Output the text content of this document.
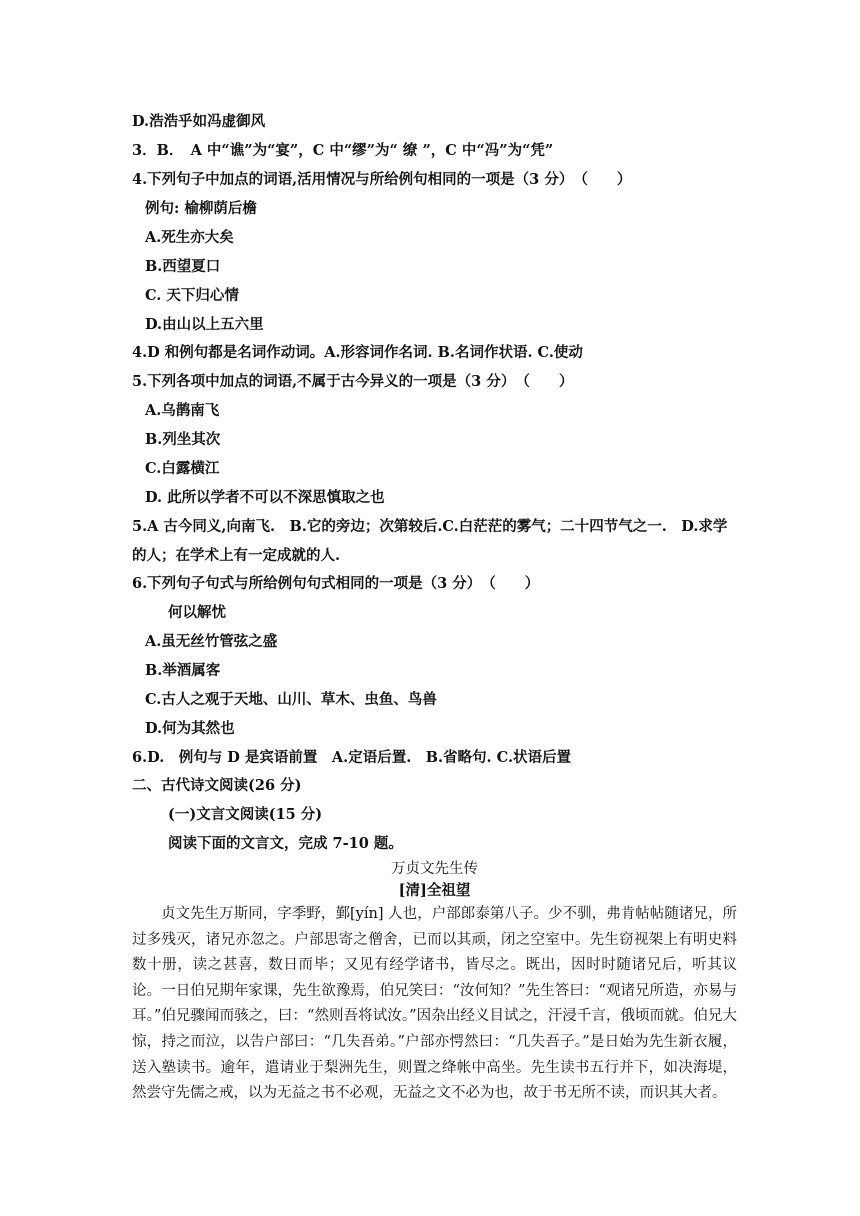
D.浩浩乎如冯虚御风
3．B．　A 中“谯”为“宴”，C 中“缪”为“ 缭 ”，C 中“冯”为“凭”
4.下列句子中加点的词语,活用情况与所给例句相同的一项是（3 分）　（　　）
例句: 榆柳荫后檐
A.死生亦大矣
B.西望夏口
C. 天下归心情
D.由山以上五六里
4.D 和例句都是名词作动词。A.形容词作名词. B.名词作状语. C.使动
5.下列各项中加点的词语,不属于古今异义的一项是（3 分）　（　　）
A.乌鹊南飞
B.列坐其次
C.白露横江
D. 此所以学者不可以不深思慎取之也
5.A 古今同义,向南飞.　B.它的旁边；次第较后.C.白茫茫的雾气；二十四节气之一.　D.求学
的人；在学术上有一定成就的人.
6.下列句子句式与所给例句句式相同的一项是（3 分）　（　　）
何以解忧
A.虽无丝竹管弦之盛
B.举酒属客
C.古人之观于天地、山川、草木、虫鱼、鸟兽
D.何为其然也
6.D.　例句与 D 是宾语前置　A.定语后置.　B.省略句. C.状语后置
二、古代诗文阅读(26 分)
(一)文言文阅读(15 分)
阅读下面的文言文，完成 7-10 题。
万贞文先生传
[清]全祖望
贞文先生万斯同，字季野，鄞[yín] 人也，户部郎泰第八子。少不驯，弗肯帖帖随诸兄，所过多残灭，诸兄亦忽之。户部思寄之僧舍，已而以其顽，闭之空室中。先生窃视架上有明史料数十册，读之甚喜，数日而毕；又见有经学诸书，皆尽之。既出，因时时随诸兄后，听其议论。一日伯兄期年家课，先生欲豫焉，伯兄笑曰：“汝何知？”先生答曰：“观诸兄所造，亦易与耳。”伯兄骤闻而骇之，曰：“然则吾将试汝。”因杂出经义目试之，汗浸千言，俄顷而就。伯兄大惊，持之而泣，以告户部曰：“几失吾弟。”户部亦愕然曰：“几失吾子。”是日始为先生新衣履，送入塾读书。逾年，遣请业于梨洲先生，则置之绛帐中高坐。先生读书五行并下，如决海堤，然尝守先儒之戒，以为无益之书不必观，无益之文不必为也，故于书无所不读，而识其大者。
